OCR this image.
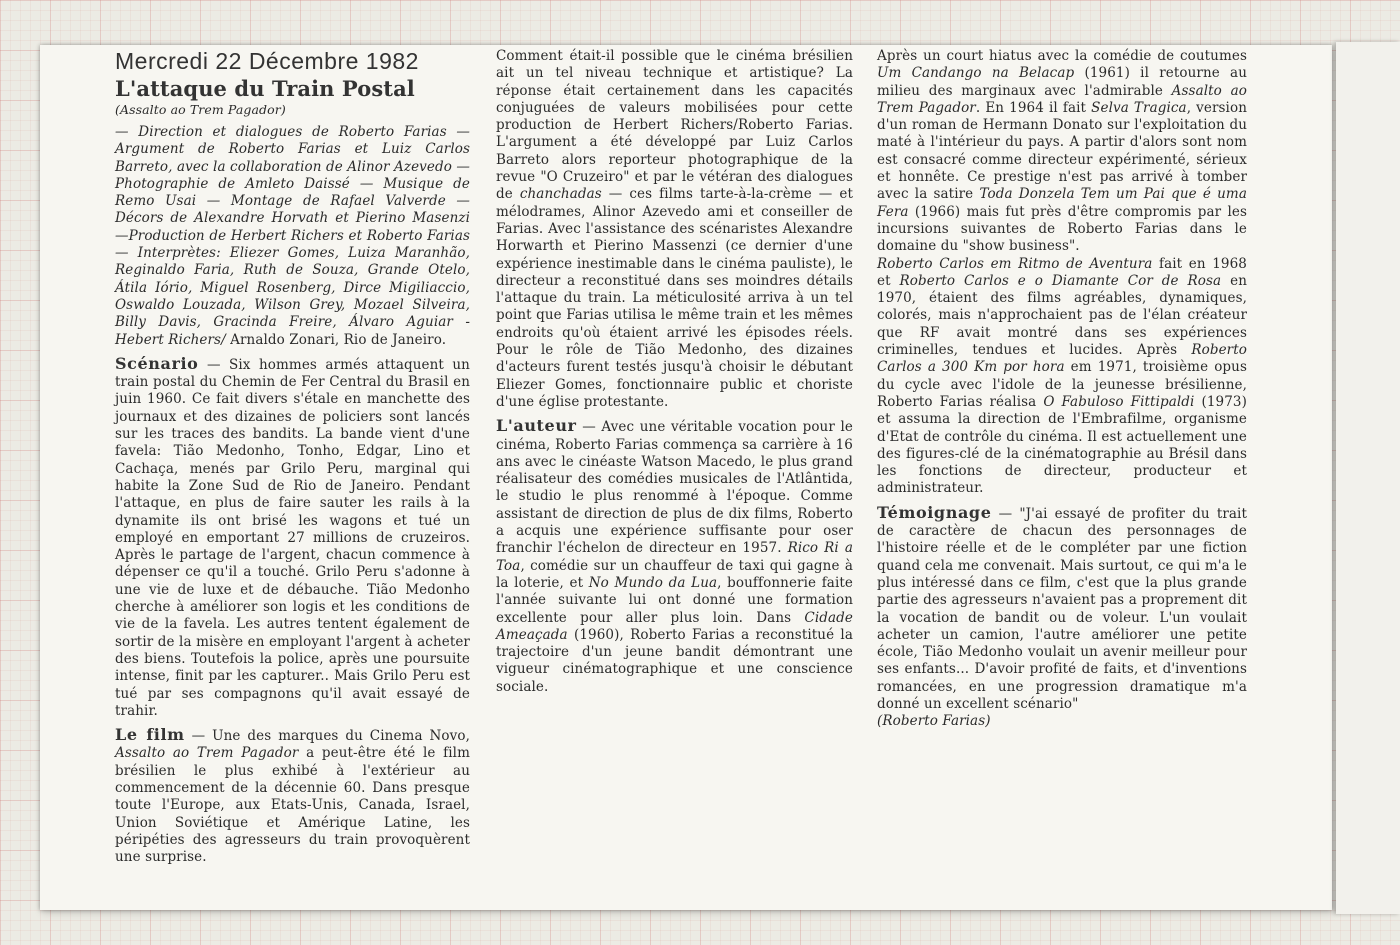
Mercredi 22 Décembre 1982

L'attaque du Train Postal

(Assalto ao Trem Pagador)

— Direction et dialogues de Roberto Farias — Argument de Roberto Farias et Luiz Carlos Barreto, avec la collaboration de Alinor Azevedo — Photographie de Amleto Daissé — Musique de Remo Usai — Montage de Rafael Valverde — Décors de Alexandre Horvath et Pierino Masenzi —Production de Herbert Richers et Roberto Farias — Interprètes: Eliezer Gomes, Luiza Maranhão, Reginaldo Faria, Ruth de Souza, Grande Otelo, Átila Iório, Miguel Rosenberg, Dirce Migiliaccio, Oswaldo Louzada, Wilson Grey, Mozael Silveira, Billy Davis, Gracinda Freire, Álvaro Aguiar - Hebert Richers/ Arnaldo Zonari, Rio de Janeiro.

Scénario — Six hommes armés attaquent un train postal du Chemin de Fer Central du Brasil en juin 1960. Ce fait divers s'étale en manchette des journaux et des dizaines de policiers sont lancés sur les traces des bandits. La bande vient d'une favela: Tião Medonho, Tonho, Edgar, Lino et Cachaça, menés par Grilo Peru, marginal qui habite la Zone Sud de Rio de Janeiro. Pendant l'attaque, en plus de faire sauter les rails à la dynamite ils ont brisé les wagons et tué un employé en emportant 27 millions de cruzeiros. Après le partage de l'argent, chacun commence à dépenser ce qu'il a touché. Grilo Peru s'adonne à une vie de luxe et de débauche. Tião Medonho cherche à améliorer son logis et les conditions de vie de la favela. Les autres tentent également de sortir de la misère en employant l'argent à acheter des biens. Toutefois la police, après une poursuite intense, finit par les capturer.. Mais Grilo Peru est tué par ses compagnons qu'il avait essayé de trahir.

Le film — Une des marques du Cinema Novo, Assalto ao Trem Pagador a peut-être été le film brésilien le plus exhibé à l'extérieur au commencement de la décennie 60. Dans presque toute l'Europe, aux Etats-Unis, Canada, Israel, Union Soviétique et Amérique Latine, les péripéties des agresseurs du train provoquèrent une surprise.

Comment était-il possible que le cinéma brésilien ait un tel niveau technique et artistique? La réponse était certainement dans les capacités conjuguées de valeurs mobilisées pour cette production de Herbert Richers/Roberto Farias. L'argument a été développé par Luiz Carlos Barreto alors reporteur photographique de la revue "O Cruzeiro" et par le vétéran des dialogues de chanchadas — ces films tarte-à-la-crème — et mélodrames, Alinor Azevedo ami et conseiller de Farias. Avec l'assistance des scénaristes Alexandre Horwarth et Pierino Massenzi (ce dernier d'une expérience inestimable dans le cinéma pauliste), le directeur a reconstitué dans ses moindres détails l'attaque du train. La méticulosité arriva à un tel point que Farias utilisa le même train et les mêmes endroits qu'où étaient arrivé les épisodes réels. Pour le rôle de Tião Medonho, des dizaines d'acteurs furent testés jusqu'à choisir le débutant Eliezer Gomes, fonctionnaire public et choriste d'une église protestante.

L'auteur — Avec une véritable vocation pour le cinéma, Roberto Farias commença sa carrière à 16 ans avec le cinéaste Watson Macedo, le plus grand réalisateur des comédies musicales de l'Atlântida, le studio le plus renommé à l'époque. Comme assistant de direction de plus de dix films, Roberto a acquis une expérience suffisante pour oser franchir l'échelon de directeur en 1957. Rico Ri a Toa, comédie sur un chauffeur de taxi qui gagne à la loterie, et No Mundo da Lua, bouffonnerie faite l'année suivante lui ont donné une formation excellente pour aller plus loin. Dans Cidade Ameaçada (1960), Roberto Farias a reconstitué la trajectoire d'un jeune bandit démontrant une vigueur cinématographique et une conscience sociale.

Après un court hiatus avec la comédie de coutumes Um Candango na Belacap (1961) il retourne au milieu des marginaux avec l'admirable Assalto ao Trem Pagador. En 1964 il fait Selva Tragica, version d'un roman de Hermann Donato sur l'exploitation du maté à l'intérieur du pays. A partir d'alors sont nom est consacré comme directeur expérimenté, sérieux et honnête. Ce prestige n'est pas arrivé à tomber avec la satire Toda Donzela Tem um Pai que é uma Fera (1966) mais fut près d'être compromis par les incursions suivantes de Roberto Farias dans le domaine du "show business".

Roberto Carlos em Ritmo de Aventura fait en 1968 et Roberto Carlos e o Diamante Cor de Rosa en 1970, étaient des films agréables, dynamiques, colorés, mais n'approchaient pas de l'élan créateur que RF avait montré dans ses expériences criminelles, tendues et lucides. Après Roberto Carlos a 300 Km por hora em 1971, troisième opus du cycle avec l'idole de la jeunesse brésilienne, Roberto Farias réalisa O Fabuloso Fittipaldi (1973) et assuma la direction de l'Embrafilme, organisme d'Etat de contrôle du cinéma. Il est actuellement une des figures-clé de la cinématographie au Brésil dans les fonctions de directeur, producteur et administrateur.

Témoignage — "J'ai essayé de profiter du trait de caractère de chacun des personnages de l'histoire réelle et de le compléter par une fiction quand cela me convenait. Mais surtout, ce qui m'a le plus intéressé dans ce film, c'est que la plus grande partie des agresseurs n'avaient pas a proprement dit la vocation de bandit ou de voleur. L'un voulait acheter un camion, l'autre améliorer une petite école, Tião Medonho voulait un avenir meilleur pour ses enfants... D'avoir profité de faits, et d'inventions romancées, en une progression dramatique m'a donné un excellent scénario"

(Roberto Farias)
